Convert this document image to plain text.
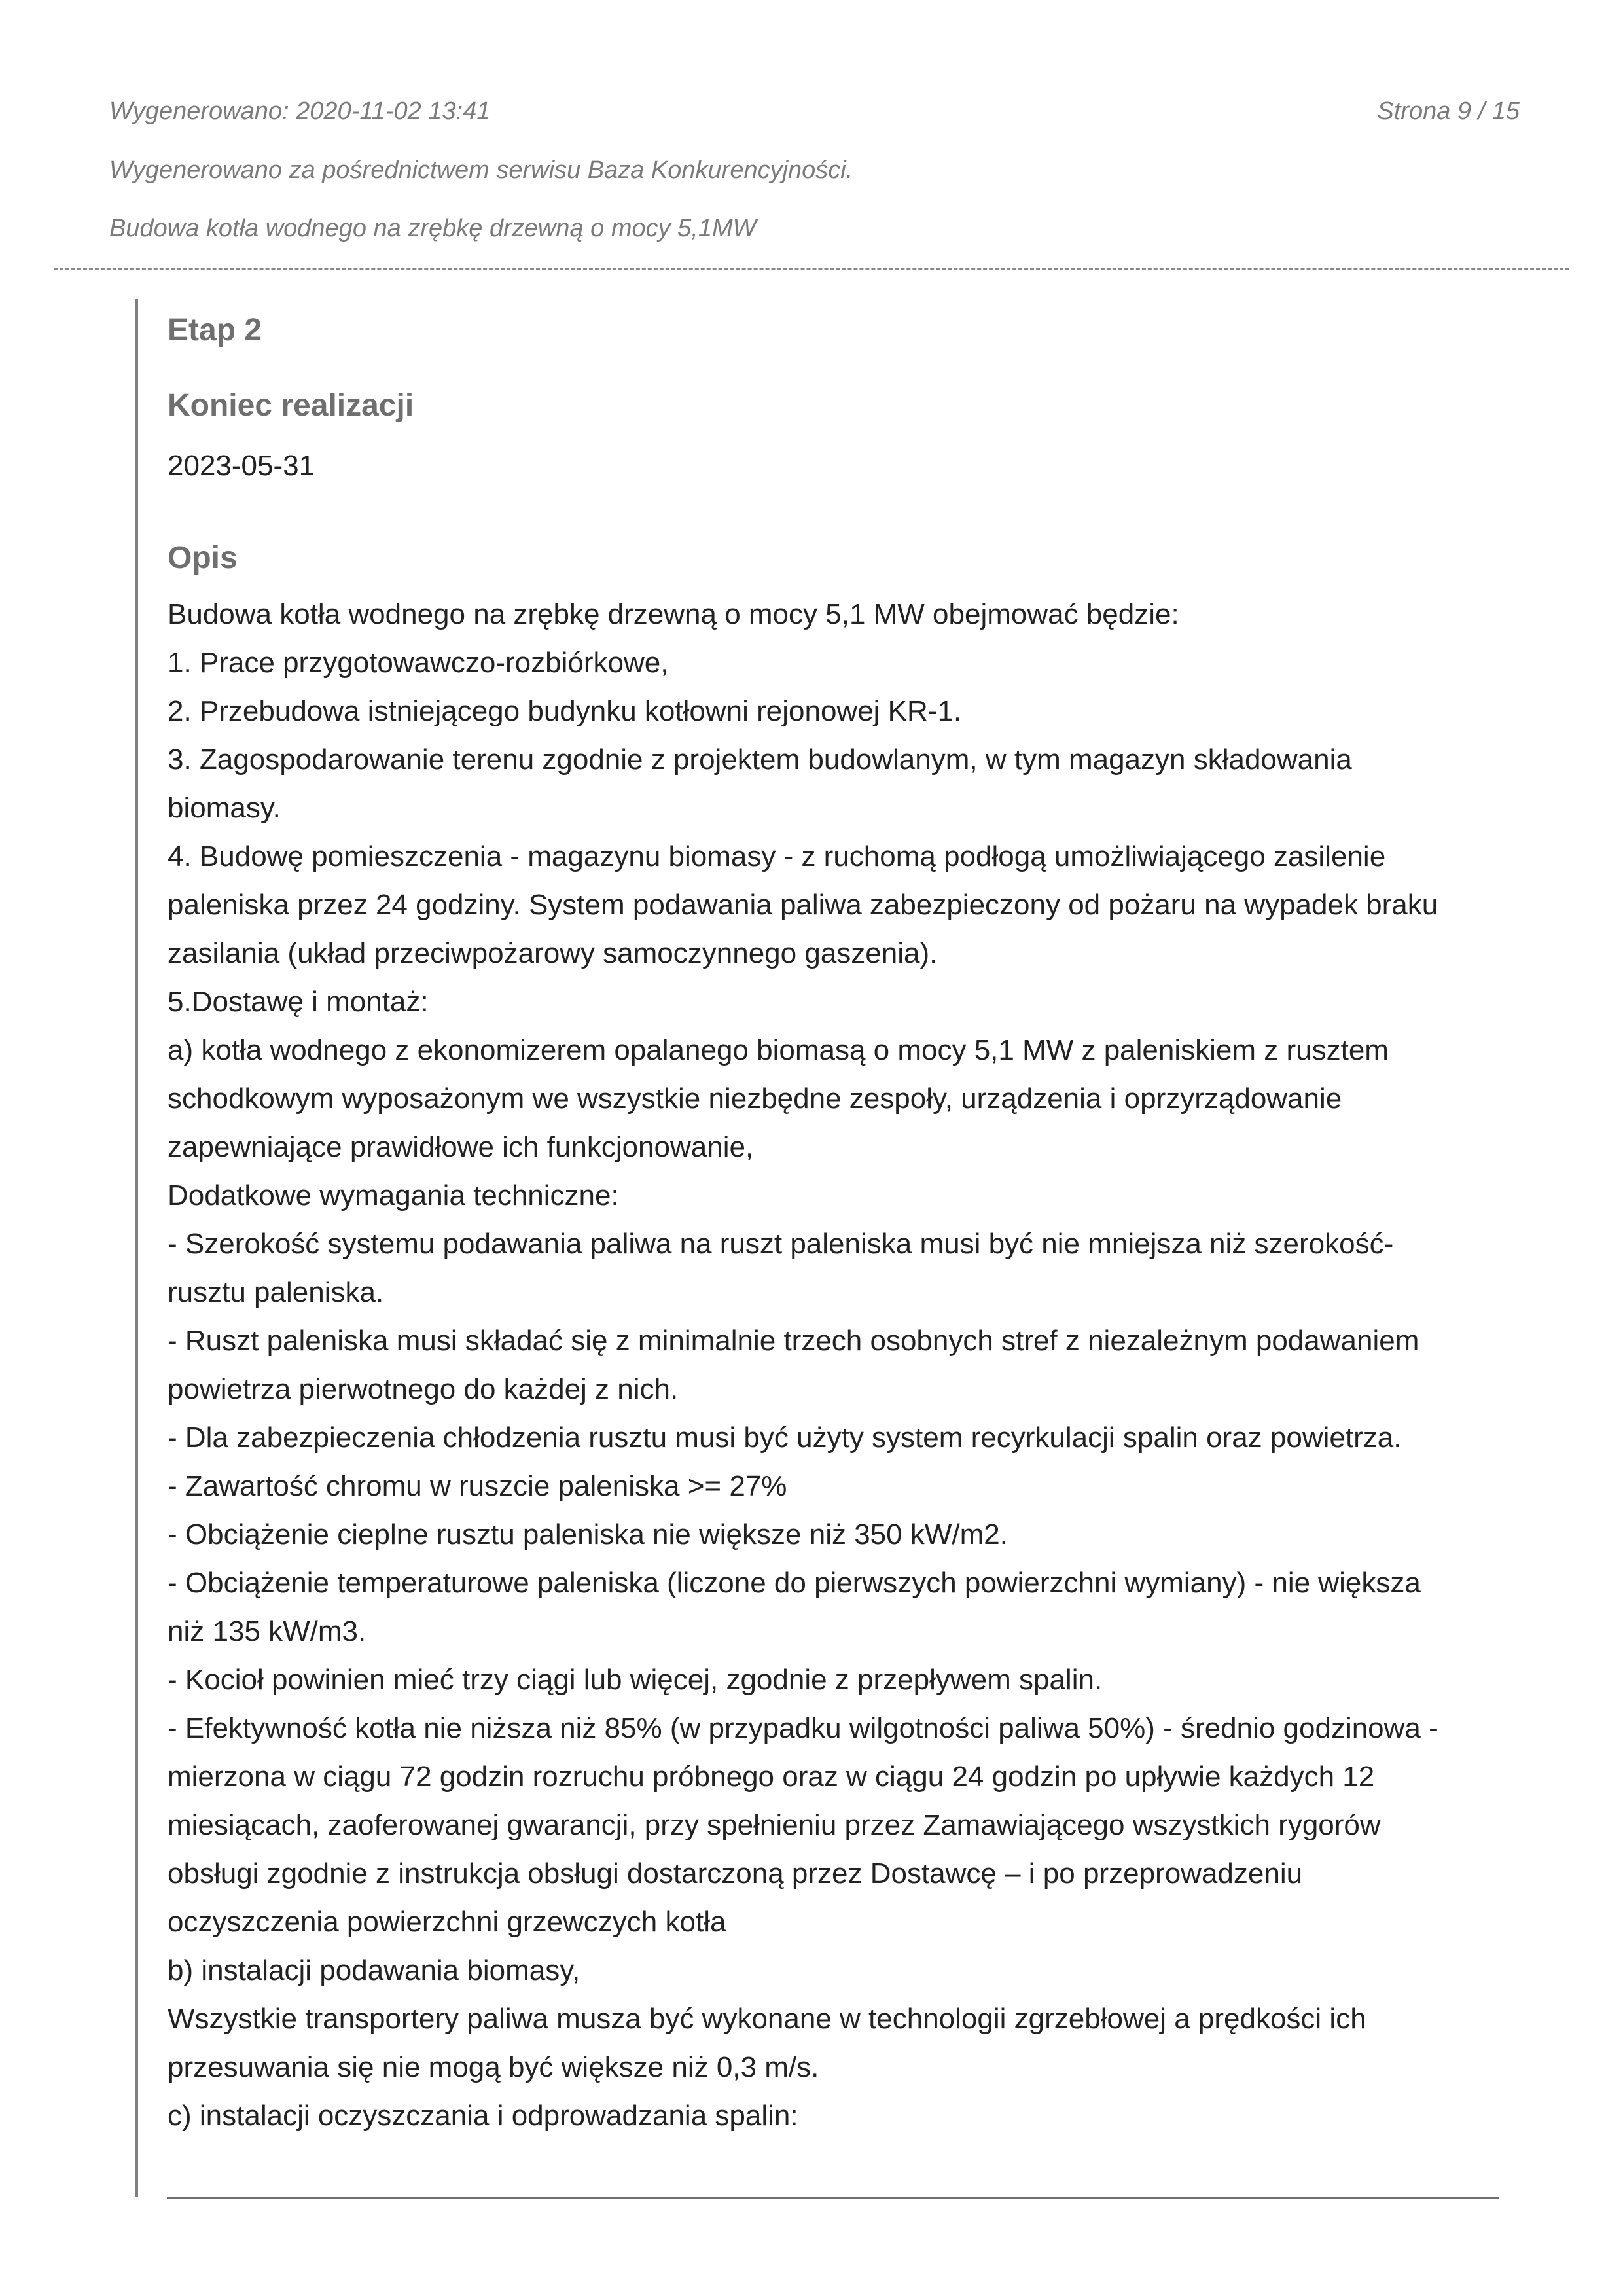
Wygenerowano: 2020-11-02 13:41	Strona 9 / 15
Wygenerowano za pośrednictwem serwisu Baza Konkurencyjności.
Budowa kotła wodnego na zrębkę drzewną o mocy 5,1MW
Etap 2
Koniec realizacji
2023-05-31
Opis
Budowa kotła wodnego na zrębkę drzewną o mocy 5,1 MW obejmować będzie:
1. Prace przygotowawczo-rozbiórkowe,
2. Przebudowa istniejącego budynku kotłowni rejonowej KR-1.
3. Zagospodarowanie terenu zgodnie z projektem budowlanym, w tym magazyn składowania
biomasy.
4. Budowę pomieszczenia - magazynu biomasy - z ruchomą podłogą umożliwiającego zasilenie
paleniska przez 24 godziny. System podawania paliwa zabezpieczony od pożaru na wypadek braku
zasilania (układ przeciwpożarowy samoczynnego gaszenia).
5.Dostawę i montaż:
a) kotła wodnego z ekonomizerem opalanego biomasą o mocy 5,1 MW z paleniskiem z rusztem
schodkowym wyposażonym we wszystkie niezbędne zespoły, urządzenia i oprzyrządowanie
zapewniające prawidłowe ich funkcjonowanie,
Dodatkowe wymagania techniczne:
- Szerokość systemu podawania paliwa na ruszt paleniska musi być nie mniejsza niż szerokość-
rusztu paleniska.
- Ruszt paleniska musi składać się z minimalnie trzech osobnych stref z niezależnym podawaniem
powietrza pierwotnego do każdej z nich.
- Dla zabezpieczenia chłodzenia rusztu musi być użyty system recyrkulacji spalin oraz powietrza.
- Zawartość chromu w ruszcie paleniska >= 27%
- Obciążenie cieplne rusztu paleniska nie większe niż 350 kW/m2.
- Obciążenie temperaturowe paleniska (liczone do pierwszych powierzchni wymiany) - nie większa
niż 135 kW/m3.
- Kocioł powinien mieć trzy ciągi lub więcej, zgodnie z przepływem spalin.
- Efektywność kotła nie niższa niż 85% (w przypadku wilgotności paliwa 50%) - średnio godzinowa -
mierzona w ciągu 72 godzin rozruchu próbnego oraz w ciągu 24 godzin po upływie każdych 12
miesiącach, zaoferowanej gwarancji, przy spełnieniu przez Zamawiającego wszystkich rygorów
obsługi zgodnie z instrukcja obsługi dostarczoną przez Dostawcę – i po przeprowadzeniu
oczyszczenia powierzchni grzewczych kotła
b) instalacji podawania biomasy,
Wszystkie transportery paliwa musza być wykonane w technologii zgrzebłowej a prędkości ich
przesuwania się nie mogą być większe niż 0,3 m/s.
c) instalacji oczyszczania i odprowadzania spalin:
